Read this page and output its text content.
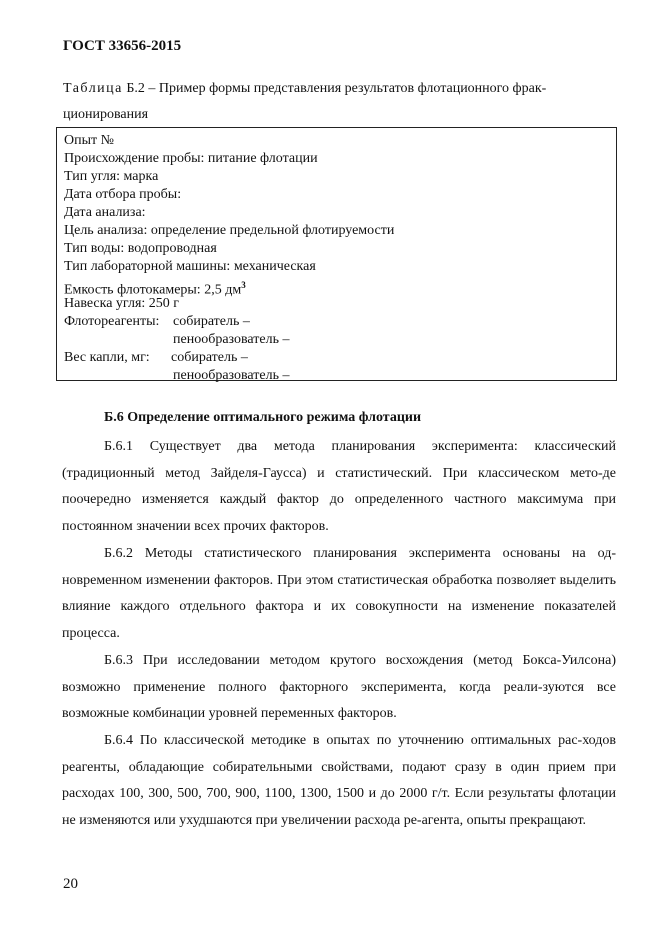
ГОСТ 33656-2015
Таблица Б.2 – Пример формы представления результатов флотационного фрак-ционирования
Опыт №
Происхождение пробы: питание флотации
Тип угля: марка
Дата отбора пробы:
Дата анализа:
Цель анализа: определение предельной флотируемости
Тип воды: водопроводная
Тип лабораторной машины: механическая
Емкость флотокамеры: 2,5 $дм^3$
Навеска угля: 250 г
Флотореагенты: собиратель –
пенообразователь –
Вес капли, мг: собиратель –
пенообразователь –
Б.6 Определение оптимального режима флотации

Б.6.1 Существует два метода планирования эксперимента: классический (традиционный метод Зайделя-Гаусса) и статистический. При классическом мето-де поочередно изменяется каждый фактор до определенного частного максимума при постоянном значении всех прочих факторов.

Б.6.2 Методы статистического планирования эксперимента основаны на од-новременном изменении факторов. При этом статистическая обработка позволяет выделить влияние каждого отдельного фактора и их совокупности на изменение показателей процесса.

Б.6.3 При исследовании методом крутого восхождения (метод Бокса-Уилсона) возможно применение полного факторного эксперимента, когда реали-зуются все возможные комбинации уровней переменных факторов.

Б.6.4 По классической методике в опытах по уточнению оптимальных рас-ходов реагенты, обладающие собирательными свойствами, подают сразу в один прием при расходах 100, 300, 500, 700, 900, 1100, 1300, 1500 и до 2000 г/т. Если результаты флотации не изменяются или ухудшаются при увеличении расхода ре-агента, опыты прекращают.

20
